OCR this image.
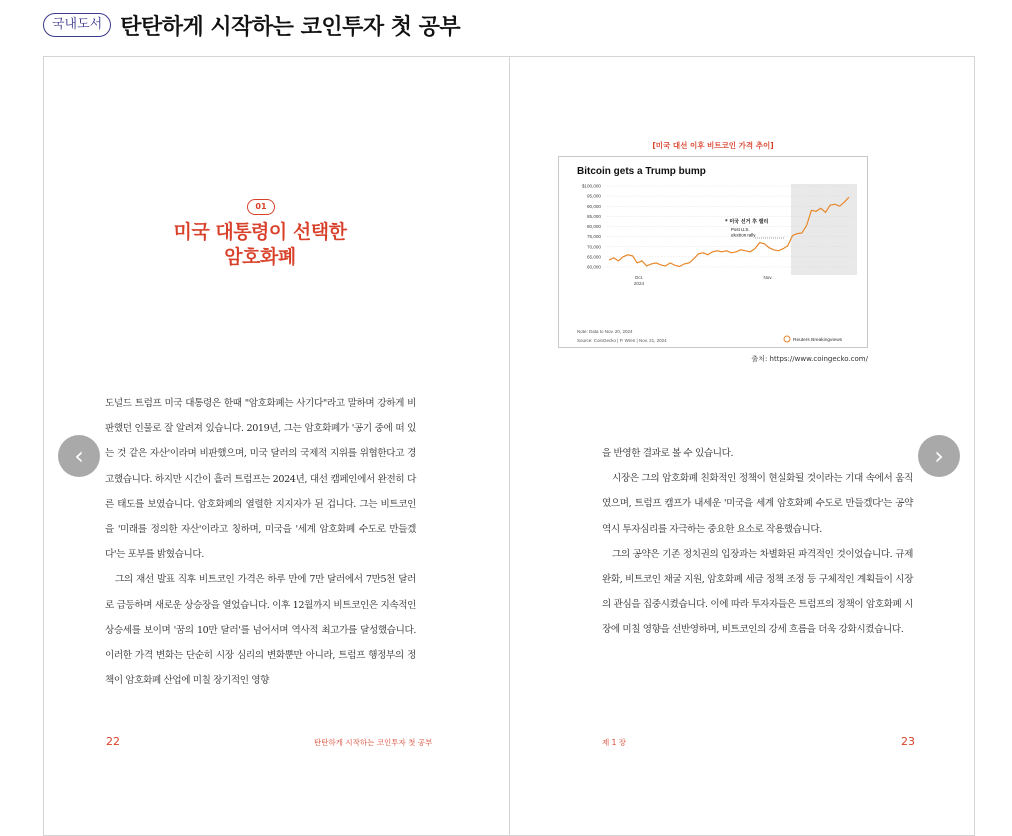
국내도서 탄탄하게 시작하는 코인투자 첫 공부
01
미국 대통령이 선택한
암호화폐

도널드 트럼프 미국 대통령은 한때 "암호화폐는 사기다"라고 말하며 강하게 비판했던 인물로 잘 알려져 있습니다. 2019년, 그는 암호화폐가 '공기 중에 떠 있는 것 같은 자산'이라며 비판했으며, 미국 달러의 국제적 지위를 위협한다고 경고했습니다. 하지만 시간이 흘러 트럼프는 2024년, 대선 캠페인에서 완전히 다른 태도를 보였습니다. 암호화폐의 열렬한 지지자가 된 겁니다. 그는 비트코인을 '미래를 정의한 자산'이라고 칭하며, 미국을 '세계 암호화폐 수도로 만들겠다'는 포부를 밝혔습니다.

그의 재선 발표 직후 비트코인 가격은 하루 만에 7만 달러에서 7만5천 달러로 급등하며 새로운 상승장을 열었습니다. 이후 12월까지 비트코인은 지속적인 상승세를 보이며 '꿈의 10만 달러'를 넘어서며 역사적 최고가를 달성했습니다. 이러한 가격 변화는 단순히 시장 심리의 변화뿐만 아니라, 트럼프 행정부의 정책이 암호화폐 산업에 미칠 장기적인 영향

22	탄탄하게 시작하는 코인투자 첫 공부

을 반영한 결과로 볼 수 있습니다.

시장은 그의 암호화폐 친화적인 정책이 현실화될 것이라는 기대 속에서 움직였으며, 트럼프 캠프가 내세운 '미국을 세계 암호화폐 수도로 만들겠다'는 공약 역시 투자심리를 자극하는 중요한 요소로 작용했습니다.

그의 공약은 기존 정치권의 입장과는 차별화된 파격적인 것이었습니다. 규제 완화, 비트코인 채굴 지원, 암호화폐 세금 정책 조정 등 구체적인 계획들이 시장의 관심을 집중시켰습니다. 이에 따라 투자자들은 트럼프의 정책이 암호화폐 시장에 미칠 영향을 선반영하며, 비트코인의 강세 흐름을 더욱 강화시켰습니다.

제 1 장	23
[미국 대선 이후 비트코인 가격 추이]
Bitcoin gets a Trump bump
60,000
65,000
70,000
75,000
80,000
85,000
90,000
95,000
$100,000
Oct. 2024
Nov.
* 미국 선거 후 랠리
Post U.S. election rally
Note: Data to Nov. 20, 2024
Source: CoinGecko | P. Wren | Nov. 21, 2024	Reuters Breakingviews
출처: https://www.coingecko.com/
‹	›
